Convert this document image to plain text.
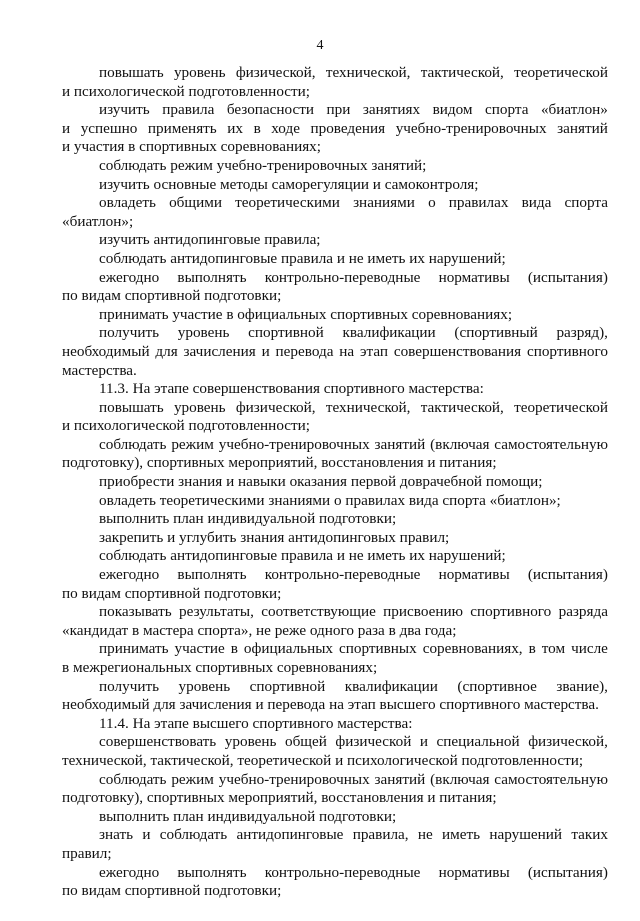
4
повышать уровень физической, технической, тактической, теоретической
и психологической подготовленности;
изучить правила безопасности при занятиях видом спорта «биатлон»
и успешно применять их в ходе проведения учебно-тренировочных занятий
и участия в спортивных соревнованиях;
соблюдать режим учебно-тренировочных занятий;
изучить основные методы саморегуляции и самоконтроля;
овладеть общими теоретическими знаниями о правилах вида спорта
«биатлон»;
изучить антидопинговые правила;
соблюдать антидопинговые правила и не иметь их нарушений;
ежегодно выполнять контрольно-переводные нормативы (испытания)
по видам спортивной подготовки;
принимать участие в официальных спортивных соревнованиях;
получить уровень спортивной квалификации (спортивный разряд),
необходимый для зачисления и перевода на этап совершенствования спортивного
мастерства.
11.3. На этапе совершенствования спортивного мастерства:
повышать уровень физической, технической, тактической, теоретической
и психологической подготовленности;
соблюдать режим учебно-тренировочных занятий (включая самостоятельную
подготовку), спортивных мероприятий, восстановления и питания;
приобрести знания и навыки оказания первой доврачебной помощи;
овладеть теоретическими знаниями о правилах вида спорта «биатлон»;
выполнить план индивидуальной подготовки;
закрепить и углубить знания антидопинговых правил;
соблюдать антидопинговые правила и не иметь их нарушений;
ежегодно выполнять контрольно-переводные нормативы (испытания)
по видам спортивной подготовки;
показывать результаты, соответствующие присвоению спортивного разряда
«кандидат в мастера спорта», не реже одного раза в два года;
принимать участие в официальных спортивных соревнованиях, в том числе
в межрегиональных спортивных соревнованиях;
получить уровень спортивной квалификации (спортивное звание),
необходимый для зачисления и перевода на этап высшего спортивного мастерства.
11.4. На этапе высшего спортивного мастерства:
совершенствовать уровень общей физической и специальной физической,
технической, тактической, теоретической и психологической подготовленности;
соблюдать режим учебно-тренировочных занятий (включая самостоятельную
подготовку), спортивных мероприятий, восстановления и питания;
выполнить план индивидуальной подготовки;
знать и соблюдать антидопинговые правила, не иметь нарушений таких
правил;
ежегодно выполнять контрольно-переводные нормативы (испытания)
по видам спортивной подготовки;
